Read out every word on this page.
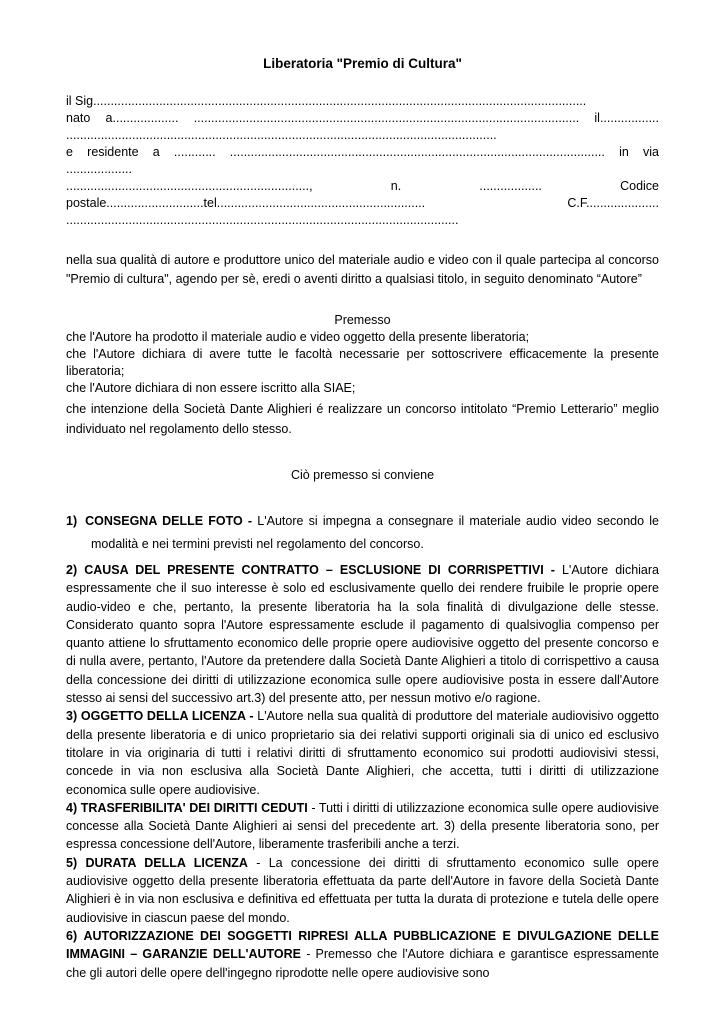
Liberatoria "Premio di Cultura"

il Sig..............................................................................................................................................

nato a................... ............................................................................................................... il.................

............................................................................................................................

e residente a ............ ............................................................................................................ in via ...................

......................................................................, n. .................. Codice

postale............................tel............................................................ C.F.....................

.................................................................................................................

nella sua qualità di autore e produttore unico del materiale audio e video con il quale partecipa al concorso "Premio di cultura", agendo per sè, eredi o aventi diritto a qualsiasi titolo, in seguito denominato “Autore”

Premesso

che l'Autore ha prodotto il materiale audio e video oggetto della presente liberatoria;

che l'Autore dichiara di avere tutte le facoltà necessarie per sottoscrivere efficacemente la presente liberatoria;

che l'Autore dichiara di non essere iscritto alla SIAE;

che intenzione della Società Dante Alighieri é realizzare un concorso intitolato “Premio Letterario” meglio individuato nel regolamento dello stesso.

Ciò premesso si conviene

1) CONSEGNA DELLE FOTO - L'Autore si impegna a consegnare il materiale audio video secondo le modalità e nei termini previsti nel regolamento del concorso.

2) CAUSA DEL PRESENTE CONTRATTO – ESCLUSIONE DI CORRISPETTIVI - L'Autore dichiara espressamente che il suo interesse è solo ed esclusivamente quello dei rendere fruibile le proprie opere audio-video e che, pertanto, la presente liberatoria ha la sola finalità di divulgazione delle stesse. Considerato quanto sopra l'Autore espressamente esclude il pagamento di qualsivoglia compenso per quanto attiene lo sfruttamento economico delle proprie opere audiovisive oggetto del presente concorso e di nulla avere, pertanto, l'Autore da pretendere dalla Società Dante Alighieri a titolo di corrispettivo a causa della concessione dei diritti di utilizzazione economica sulle opere audiovisive posta in essere dall'Autore stesso ai sensi del successivo art.3) del presente atto, per nessun motivo e/o ragione.

3) OGGETTO DELLA LICENZA - L'Autore nella sua qualità di produttore del materiale audiovisivo oggetto della presente liberatoria e di unico proprietario sia dei relativi supporti originali sia di unico ed esclusivo titolare in via originaria di tutti i relativi diritti di sfruttamento economico sui prodotti audiovisivi stessi, concede in via non esclusiva alla Società Dante Alighieri, che accetta, tutti i diritti di utilizzazione economica sulle opere audiovisive.

4) TRASFERIBILITA' DEI DIRITTI CEDUTI - Tutti i diritti di utilizzazione economica sulle opere audiovisive concesse alla Società Dante Alighieri ai sensi del precedente art. 3) della presente liberatoria sono, per espressa concessione dell'Autore, liberamente trasferibili anche a terzi.

5) DURATA DELLA LICENZA - La concessione dei diritti di sfruttamento economico sulle opere audiovisive oggetto della presente liberatoria effettuata da parte dell'Autore in favore della Società Dante Alighieri è in via non esclusiva e definitiva ed effettuata per tutta la durata di protezione e tutela delle opere audiovisive in ciascun paese del mondo.

6) AUTORIZZAZIONE DEI SOGGETTI RIPRESI ALLA PUBBLICAZIONE E DIVULGAZIONE DELLE IMMAGINI – GARANZIE DELL'AUTORE - Premesso che l'Autore dichiara e garantisce espressamente che gli autori delle opere dell'ingegno riprodotte nelle opere audiovisive sono
